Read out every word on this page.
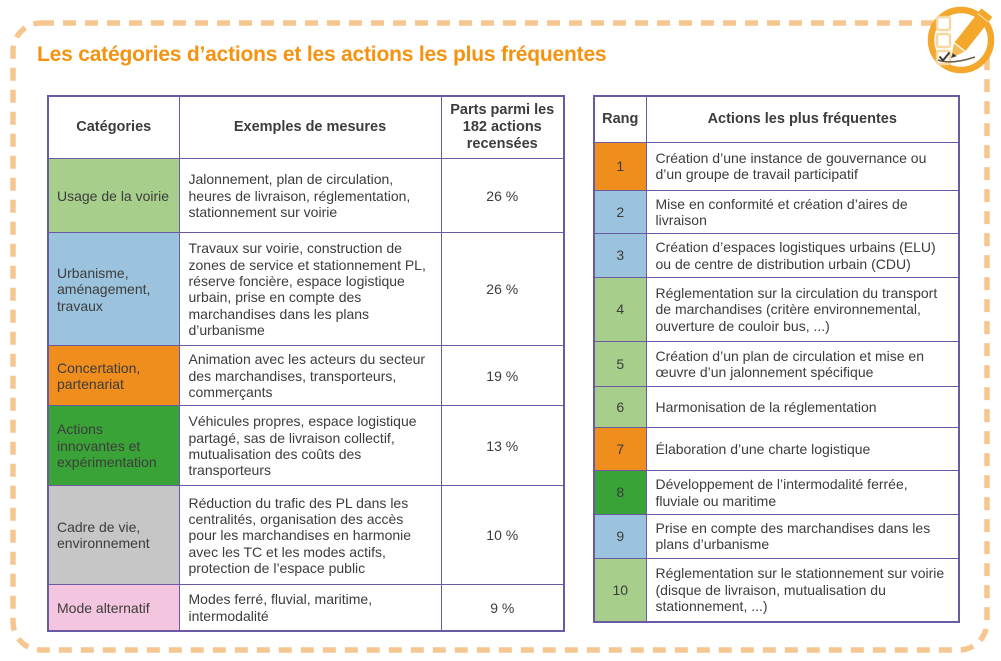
Les catégories d’actions et les actions les plus fréquentes
Catégories	Exemples de mesures	Parts parmi les 182 actions recensées
Usage de la voirie	Jalonnement, plan de circulation, heures de livraison, réglementation, stationnement sur voirie	26 %
Urbanisme, aménagement, travaux	Travaux sur voirie, construction de zones de service et stationnement PL, réserve foncière, espace logistique urbain, prise en compte des marchandises dans les plans d’urbanisme	26 %
Concertation, partenariat	Animation avec les acteurs du secteur des marchandises, transporteurs, commerçants	19 %
Actions innovantes et expérimentation	Véhicules propres, espace logistique partagé, sas de livraison collectif, mutualisation des coûts des transporteurs	13 %
Cadre de vie, environnement	Réduction du trafic des PL dans les centralités, organisation des accès pour les marchandises en harmonie avec les TC et les modes actifs, protection de l’espace public	10 %
Mode alternatif	Modes ferré, fluvial, maritime, intermodalité	9 %
Rang	Actions les plus fréquentes
1	Création d’une instance de gouvernance ou d’un groupe de travail participatif
2	Mise en conformité et création d’aires de livraison
3	Création d’espaces logistiques urbains (ELU) ou de centre de distribution urbain (CDU)
4	Réglementation sur la circulation du transport de marchandises (critère environnemental, ouverture de couloir bus, ...)
5	Création d’un plan de circulation et mise en œuvre d’un jalonnement spécifique
6	Harmonisation de la réglementation
7	Élaboration d’une charte logistique
8	Développement de l’intermodalité ferrée, fluviale ou maritime
9	Prise en compte des marchandises dans les plans d’urbanisme
10	Réglementation sur le stationnement sur voirie (disque de livraison, mutualisation du stationnement, ...)
